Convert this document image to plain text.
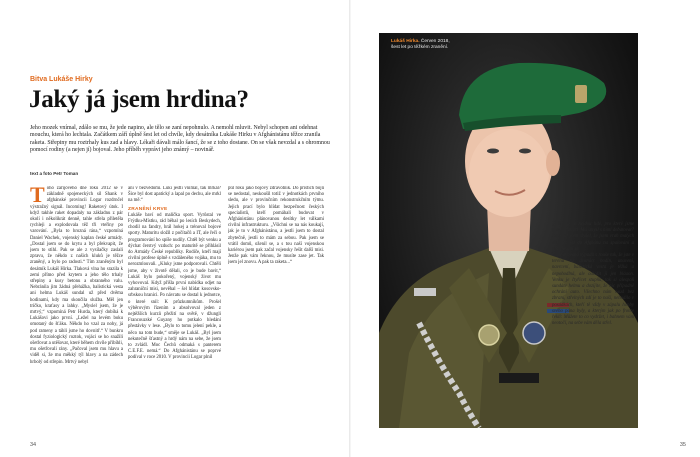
Bitva Lukáše Hirky
Jaký já jsem hrdina?

Jeho mozek vnímal, zdálo se mu, že jede napino, ale tělo se zaní nepohnulo. A nemohl mluvit. Nebyl schopen ani odehnat mouchu, která ho lechtala. Začátkem září úplně šest let od chvíle, kdy desátníka Lukáše Hirku v Afghánistánu těžce zranila raketa. Střepiny mu roztrhaly kus zad a hlavy. Lékaři dávali málo šancí, že se z toho dostane. On se však nevzdal a s ohromnou pomocí rodiny (a nejen jí) bojoval. Jeho příběh vyprávi jeho známý – novinář.

text a foto Petr Toman
T oho zářijového dne roku 2012 se v základně spojeneckých sil Shank v afghánské provincii Logar rozdrnčel výstražný signál. Incoming! Raketový útok. I když takhle raket dopadaly na základnu z pár okolí i několikrát denně, tahle střela přiletěla rychleji a explodovala těž tři vteřiny po varování. „Byla to hrozná rána,“ vzpomíná Daniel Wachek, vojenský kaplan české armády. „Dostal jsem se do krytu a byl překvapit, že jsem to stihl. Pak se ale z vysílačky zaslali zpravu, že někdo z našich kluků je těžce zraněný, a bylo po radosti.“ Tím zraněným byl desátník Lukáš Hirka. Tlaková vlna ho srazila k zemi přímo před krytem a jeho tělo trhaly střepiny a kusy betonu a obranného valu. Nebránila jim žádná přehážka, balistická vesta ani helma Lukáš sundal už před dvěma hodinami, kdy ma skončila služba. Měl jen tričko, kraťasy a lahky. „Myslel jsem, že je mrtvý,“ vzpomíná Petr Hurda, který dobíhá k Lukášovi jako první. „Ležel na levém boku omotaný do šťáku. Někdo ho vzal za nohy, já pod rameny a táhli jsme ho dovnitř.“ V bunkru dostal fyziologický roztok, vojáci se ho snažili ošetřovat a utěšovat, které během chvíle přibíhli, mu ošetřovali rány. „Pačoval jsem mu hlavu a viděl si, že mu měkký týl hlavy a na zádech hrbolý od střepin. Mrtvý nebyl

ani v bezvědomí. Luki jestli vnímal, tak mrkal? Šice byl dost apatický a lapal po dechu, ale mrkl na mě.“

ZRANĚNÍ KRVE

Lukáše baví od malička sport. Vyrůstal ve Frýdku-Místku, rád běhal po lesích Beskydech, chodil na fandry, hrál hokej a trénoval bojové sporty. Maturitu složil z počítačů a IT, ale řeči o programování ho spíše nudily. Chtěl být venku a dýchat čerstvý vzduch: po maturitě se přihlásil do Armády České republiky. Rodiče, kteří mají civilní profese úplně s vzdáleného vojáka, mu to nerozmlouvali. „Kluky jsme podporovali. Chtěli jsme, aby v životě dělali, co je bude bavit,“ Lukáš bylo pokořený, vojenský život mu vyhovoval. Když přišla první nabídka odjet na zahraniční misi, nevěhal – šel hlídat kosovsko-srbskou hranici. Po návratu se dostal k jednotce, o které snil: K průzkumníkům. Prošel výběrovým řízením a absolvoval jeden z nejtěžších kurzů přežití na světě, v džungli Francouzské Guyany ho potkalo hledání přestávky v lese. „Bylo to tomu jelení pekle, a něco na tom bude,“ směje se Lukáš. „Byl jsem nekutečně šťastný a hrdý nám na sebe, že jsem to zvládl. Moc Čechů odmaká s panterem C.E.F.E. nemá.“ Do Afghánistánu se poprvé podíval v roce 2010. V provincii Logar plnil

půl roku jako bojový zdravotník. Do příštích bojů se nedostal, neskoušil totiž v jednotkách prvního sledu, ale v provinčním rekonstrukčním týmu. Jejich prací bylo hlídat bezpečnost českých specialistů, kteří pomáhali budovat v Afghánistánu plánovanou desítky let válkami civilní infrastrukturu. „Všichni se na nás koukají, jak je to v Afghánistánu, a jestli jsem to dostal zbytečně, jestli to mám za sebou. Pak jsem se vrátil domů, oženil se, a s tou naší vojenskou kariérou jsem pak začal vojensky řešit další misi. Jenže pak vám řeknou, že musíte zase jet. Tak jsem jel znovu. A pak ta raketa...“

34
Lukáš Hirka. Červen 2018, šest let po těžkém zranění.

„Válečky se nejdou lidé, pro které jsme vrazi a lokáci. Má smysl s nimi debatovat? Kolikrát jsem slyšel, že jsem vrah malých dětí, co jel do Afghánu na spalování a napalování se.

Ta opakovaná výpadů s rouše tak, že jste v terénu už dvanáct hodin, unavení, navrcení, balistická vesta je těžká a nepohodlná, ale odložit ji jen bláaon. Venku je čtyřicet stupňů, tak si alespoň sundáte helmu a dozíjíte, že nic případně ochrání auto. Všechno nám osud bez zbraní, střelných zdí je to naší, nehodilo v posádkách, kteří tě vždy v zápalu honby svého pána byly, a kterým jak po fronte řekli: Můžete to co vydržet, i bahnem vám neotočí, na sebe vám děla střel.

35
